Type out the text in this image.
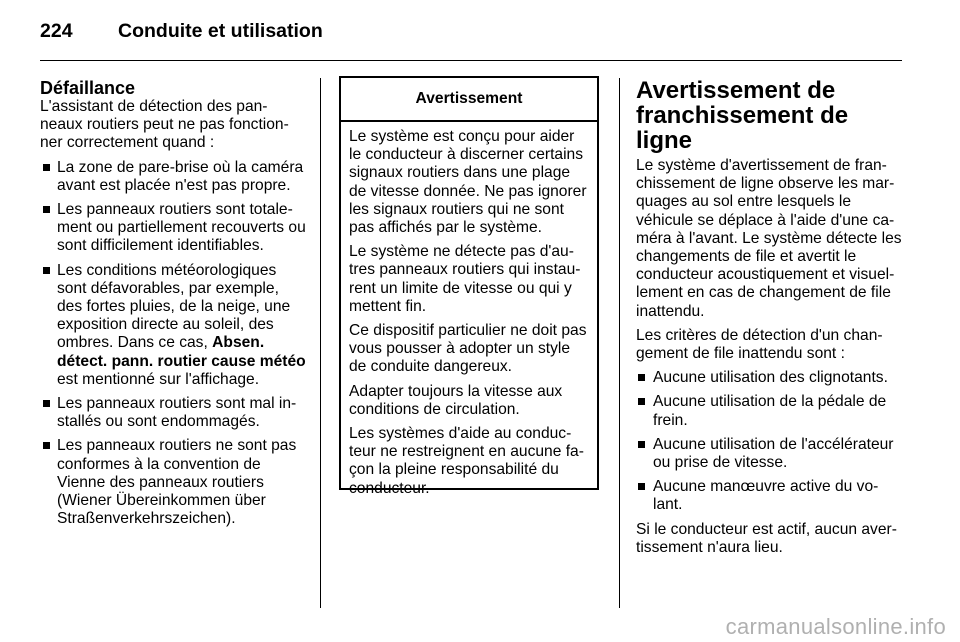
224 Conduite et utilisation
Défaillance

L'assistant de détection des pan-neaux routiers peut ne pas fonction-ner correctement quand :

La zone de pare-brise où la caméra avant est placée n'est pas propre.
Les panneaux routiers sont totale-ment ou partiellement recouverts ou sont difficilement identifiables.
Les conditions météorologiques sont défavorables, par exemple, des fortes pluies, de la neige, une exposition directe au soleil, des ombres. Dans ce cas, Absen. détect. pann. routier cause météo est mentionné sur l'affichage.
Les panneaux routiers sont mal in-stallés ou sont endommagés.
Les panneaux routiers ne sont pas conformes à la convention de Vienne des panneaux routiers (Wiener Übereinkommen über Straßenverkehrszeichen).
Avertissement

Le système est conçu pour aider le conducteur à discerner certains signaux routiers dans une plage de vitesse donnée. Ne pas ignorer les signaux routiers qui ne sont pas affichés par le système.

Le système ne détecte pas d'au-tres panneaux routiers qui instau-rent un limite de vitesse ou qui y mettent fin.

Ce dispositif particulier ne doit pas vous pousser à adopter un style de conduite dangereux.

Adapter toujours la vitesse aux conditions de circulation.

Les systèmes d'aide au conduc-teur ne restreignent en aucune fa-çon la pleine responsabilité du conducteur.

Avertissement de franchissement de ligne

Le système d'avertissement de fran-chissement de ligne observe les mar-quages au sol entre lesquels le véhicule se déplace à l'aide d'une ca-méra à l'avant. Le système détecte les changements de file et avertit le conducteur acoustiquement et visuel-lement en cas de changement de file inattendu.

Les critères de détection d'un chan-gement de file inattendu sont :

Aucune utilisation des clignotants.
Aucune utilisation de la pédale de frein.
Aucune utilisation de l'accélérateur ou prise de vitesse.
Aucune manœuvre active du vo-lant.

Si le conducteur est actif, aucun aver-tissement n'aura lieu.

carmanualsonline.info
